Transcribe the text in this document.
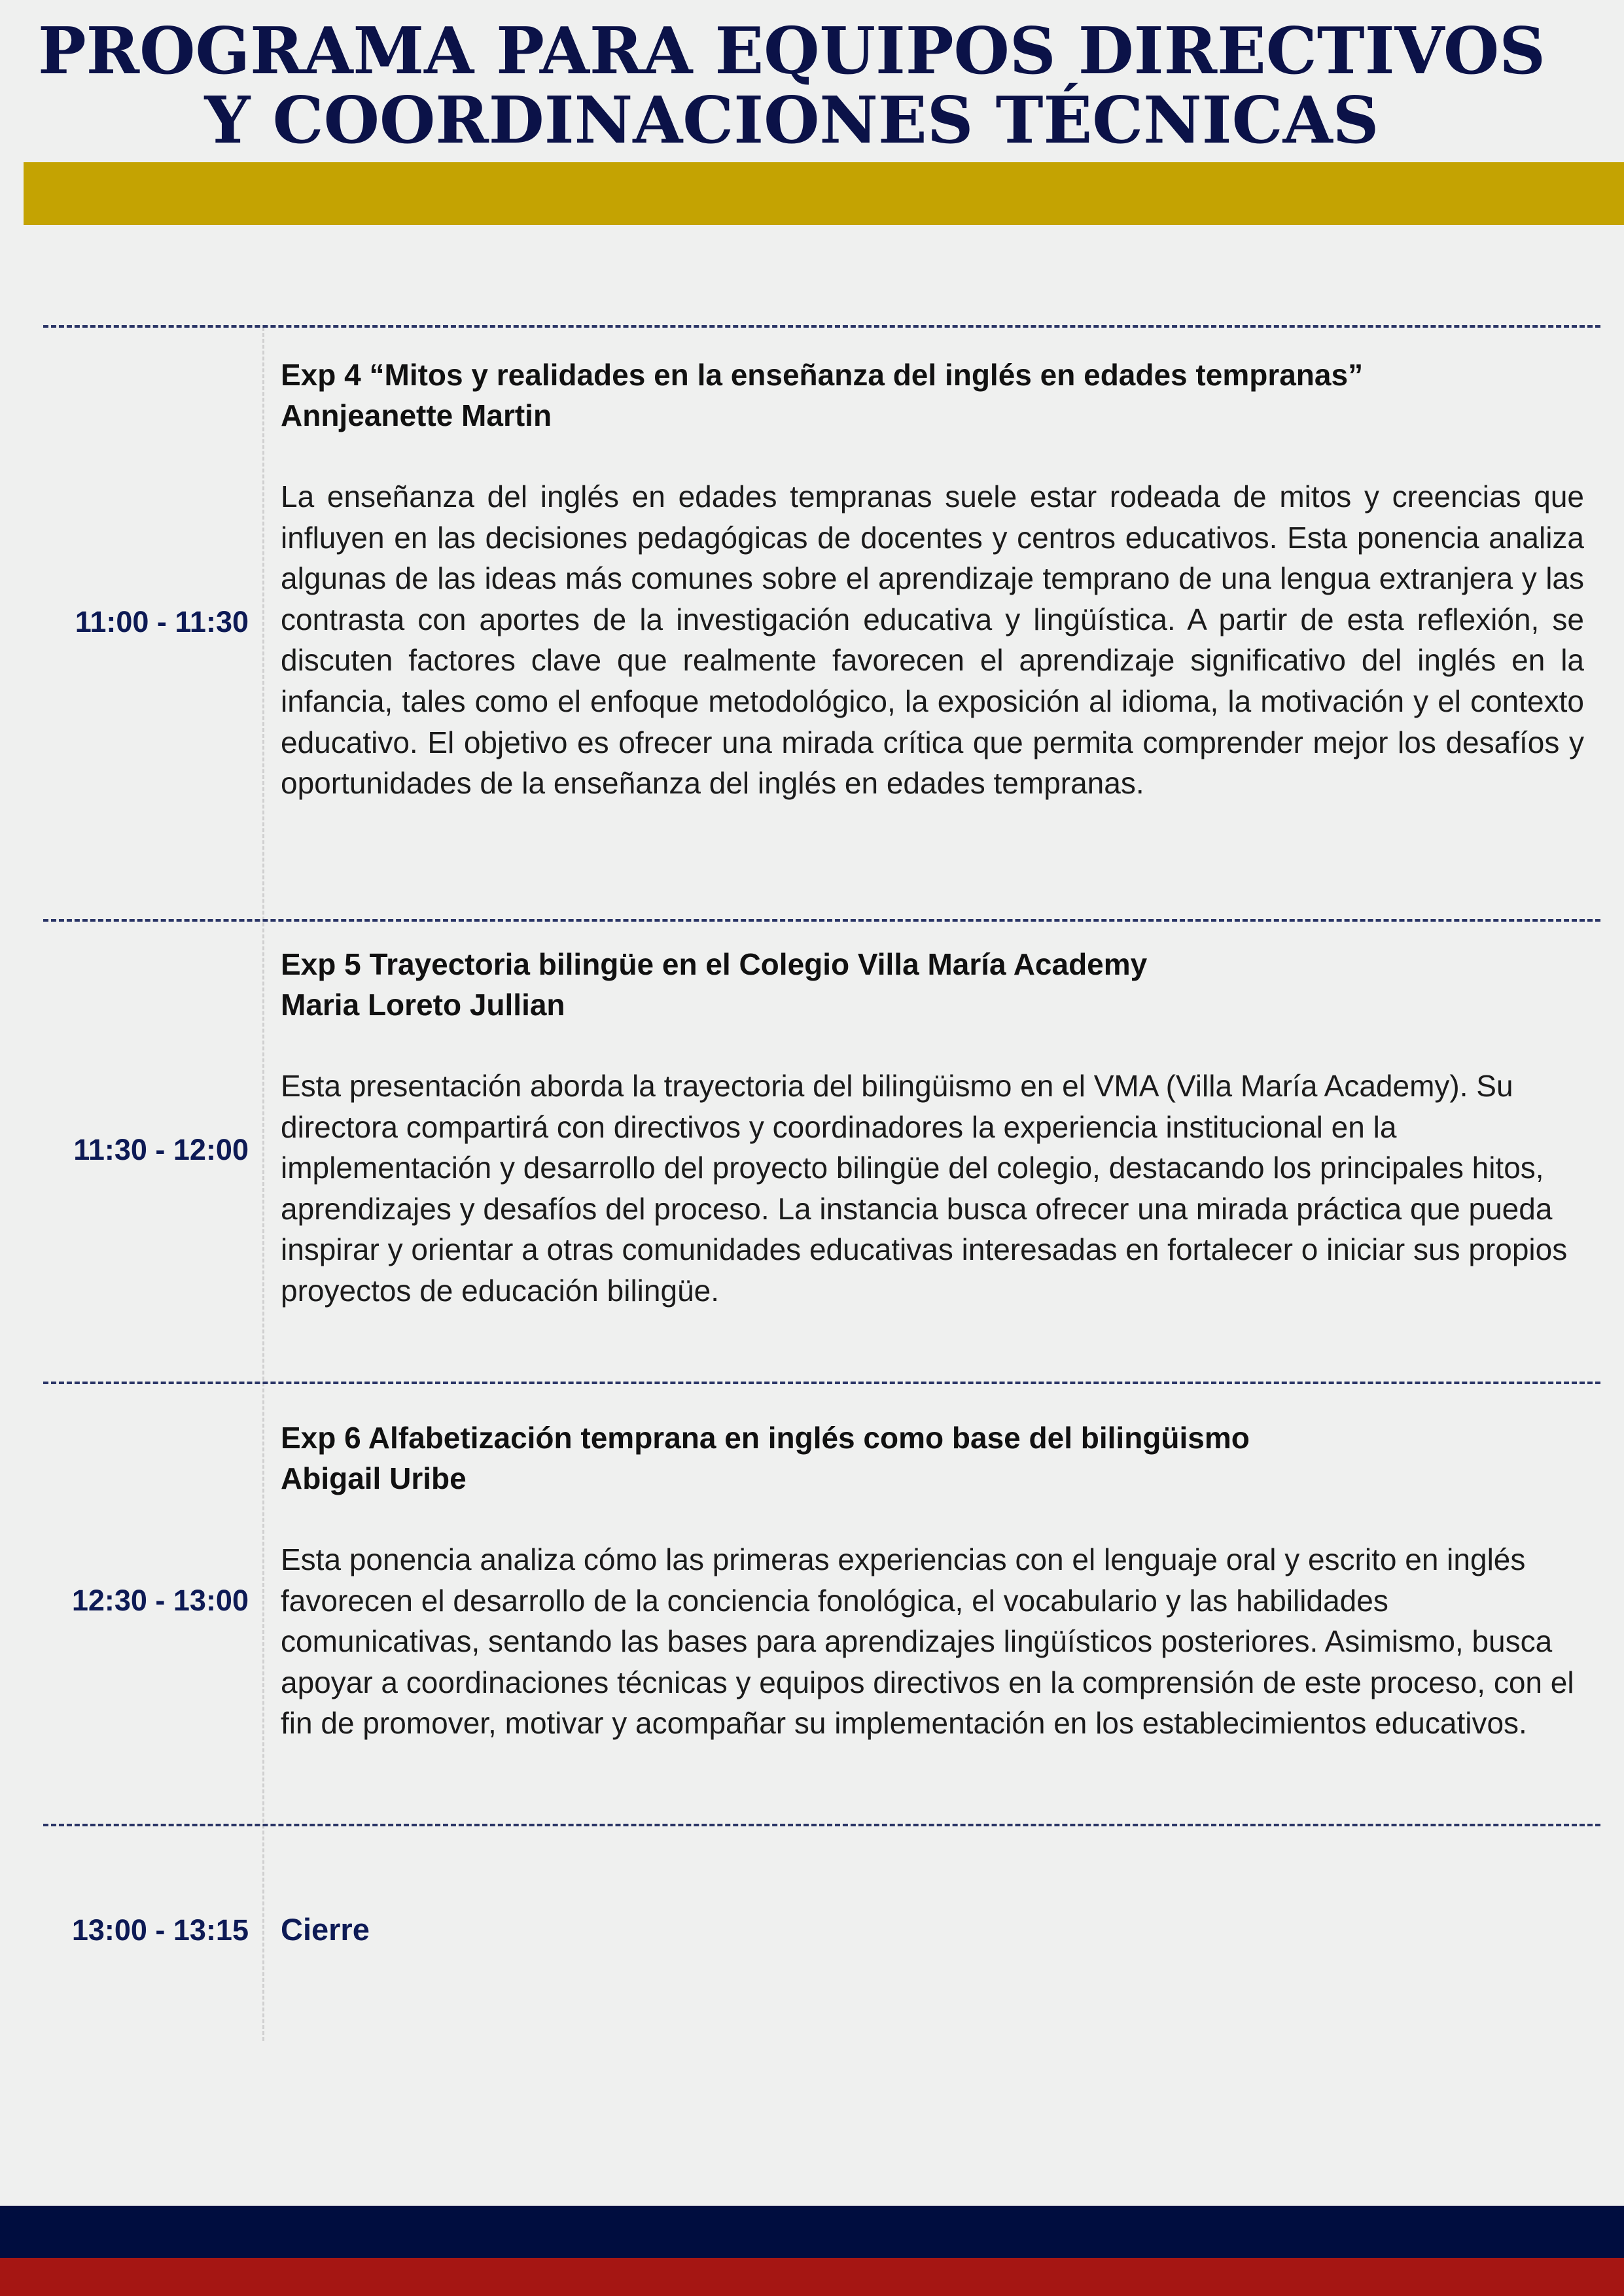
PROGRAMA PARA EQUIPOS DIRECTIVOS
Y COORDINACIONES TÉCNICAS
11:00 - 11:30
Exp 4 “Mitos y realidades en la enseñanza del inglés en edades tempranas”
Annjeanette Martin
La enseñanza del inglés en edades tempranas suele estar rodeada de mitos y creencias que influyen en las decisiones pedagógicas de docentes y centros educativos. Esta ponencia analiza algunas de las ideas más comunes sobre el aprendizaje temprano de una lengua extranjera y las contrasta con aportes de la investigación educativa y lingüística. A partir de esta reflexión, se discuten factores clave que realmente favorecen el aprendizaje significativo del inglés en la infancia, tales como el enfoque metodológico, la exposición al idioma, la motivación y el contexto educativo. El objetivo es ofrecer una mirada crítica que permita comprender mejor los desafíos y oportunidades de la enseñanza del inglés en edades tempranas.
11:30 - 12:00
Exp 5 Trayectoria bilingüe en el Colegio Villa María Academy
Maria Loreto Jullian
Esta presentación aborda la trayectoria del bilingüismo en el VMA (Villa María Academy). Su directora compartirá con directivos y coordinadores la experiencia institucional en la implementación y desarrollo del proyecto bilingüe del colegio, destacando los principales hitos, aprendizajes y desafíos del proceso. La instancia busca ofrecer una mirada práctica que pueda inspirar y orientar a otras comunidades educativas interesadas en fortalecer o iniciar sus propios proyectos de educación bilingüe.
12:30 - 13:00
Exp 6 Alfabetización temprana en inglés como base del bilingüismo
Abigail Uribe
Esta ponencia analiza cómo las primeras experiencias con el lenguaje oral y escrito en inglés favorecen el desarrollo de la conciencia fonológica, el vocabulario y las habilidades comunicativas, sentando las bases para aprendizajes lingüísticos posteriores. Asimismo, busca apoyar a coordinaciones técnicas y equipos directivos en la comprensión de este proceso, con el fin de promover, motivar y acompañar su implementación en los establecimientos educativos.
13:00 - 13:15 Cierre
